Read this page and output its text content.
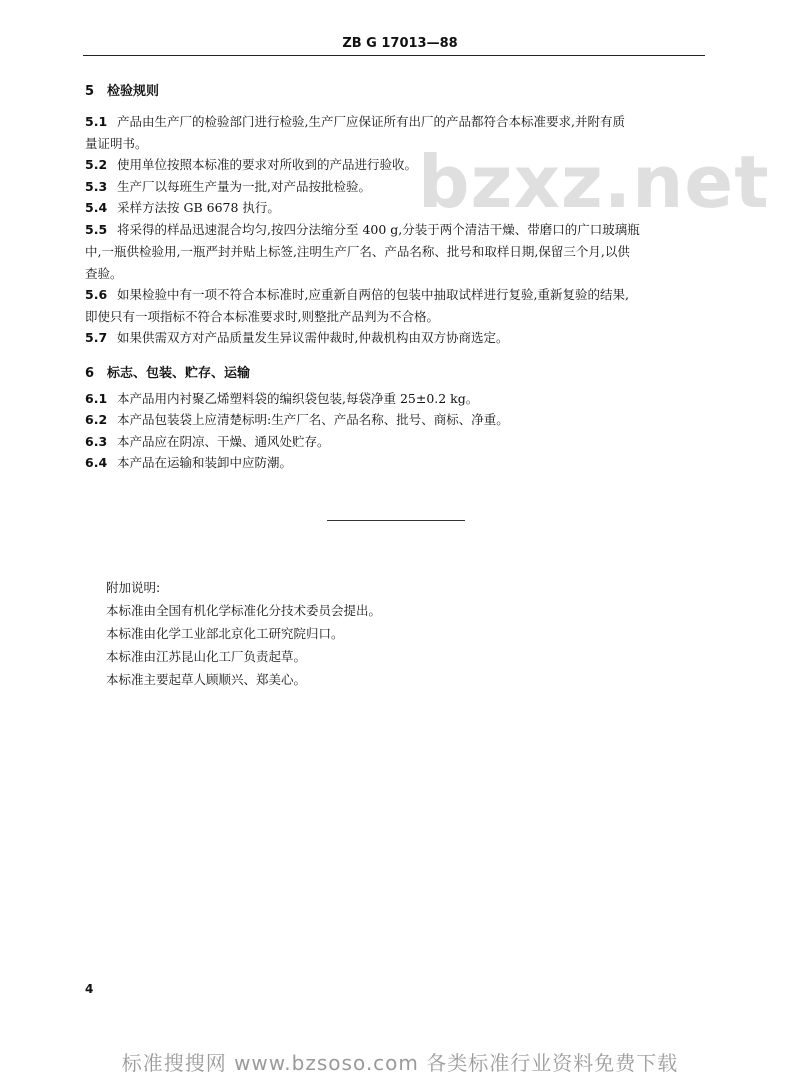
ZB G 17013—88
bzxz.net
5 检验规则
5.1 产品由生产厂的检验部门进行检验,生产厂应保证所有出厂的产品都符合本标准要求,并附有质
量证明书。
5.2 使用单位按照本标准的要求对所收到的产品进行验收。
5.3 生产厂以每班生产量为一批,对产品按批检验。
5.4 采样方法按 GB 6678 执行。
5.5 将采得的样品迅速混合均匀,按四分法缩分至 400 g,分装于两个清洁干燥、带磨口的广口玻璃瓶
中,一瓶供检验用,一瓶严封并贴上标签,注明生产厂名、产品名称、批号和取样日期,保留三个月,以供
查验。
5.6 如果检验中有一项不符合本标准时,应重新自两倍的包装中抽取试样进行复验,重新复验的结果,
即使只有一项指标不符合本标准要求时,则整批产品判为不合格。
5.7 如果供需双方对产品质量发生异议需仲裁时,仲裁机构由双方协商选定。
6 标志、包装、贮存、运输
6.1 本产品用内衬聚乙烯塑料袋的编织袋包装,每袋净重 25±0.2 kg。
6.2 本产品包装袋上应清楚标明:生产厂名、产品名称、批号、商标、净重。
6.3 本产品应在阴凉、干燥、通风处贮存。
6.4 本产品在运输和装卸中应防潮。
附加说明:
本标准由全国有机化学标准化分技术委员会提出。
本标准由化学工业部北京化工研究院归口。
本标准由江苏昆山化工厂负责起草。
本标准主要起草人顾顺兴、郑美心。
4
标准搜搜网 www.bzsoso.com 各类标准行业资料免费下载
